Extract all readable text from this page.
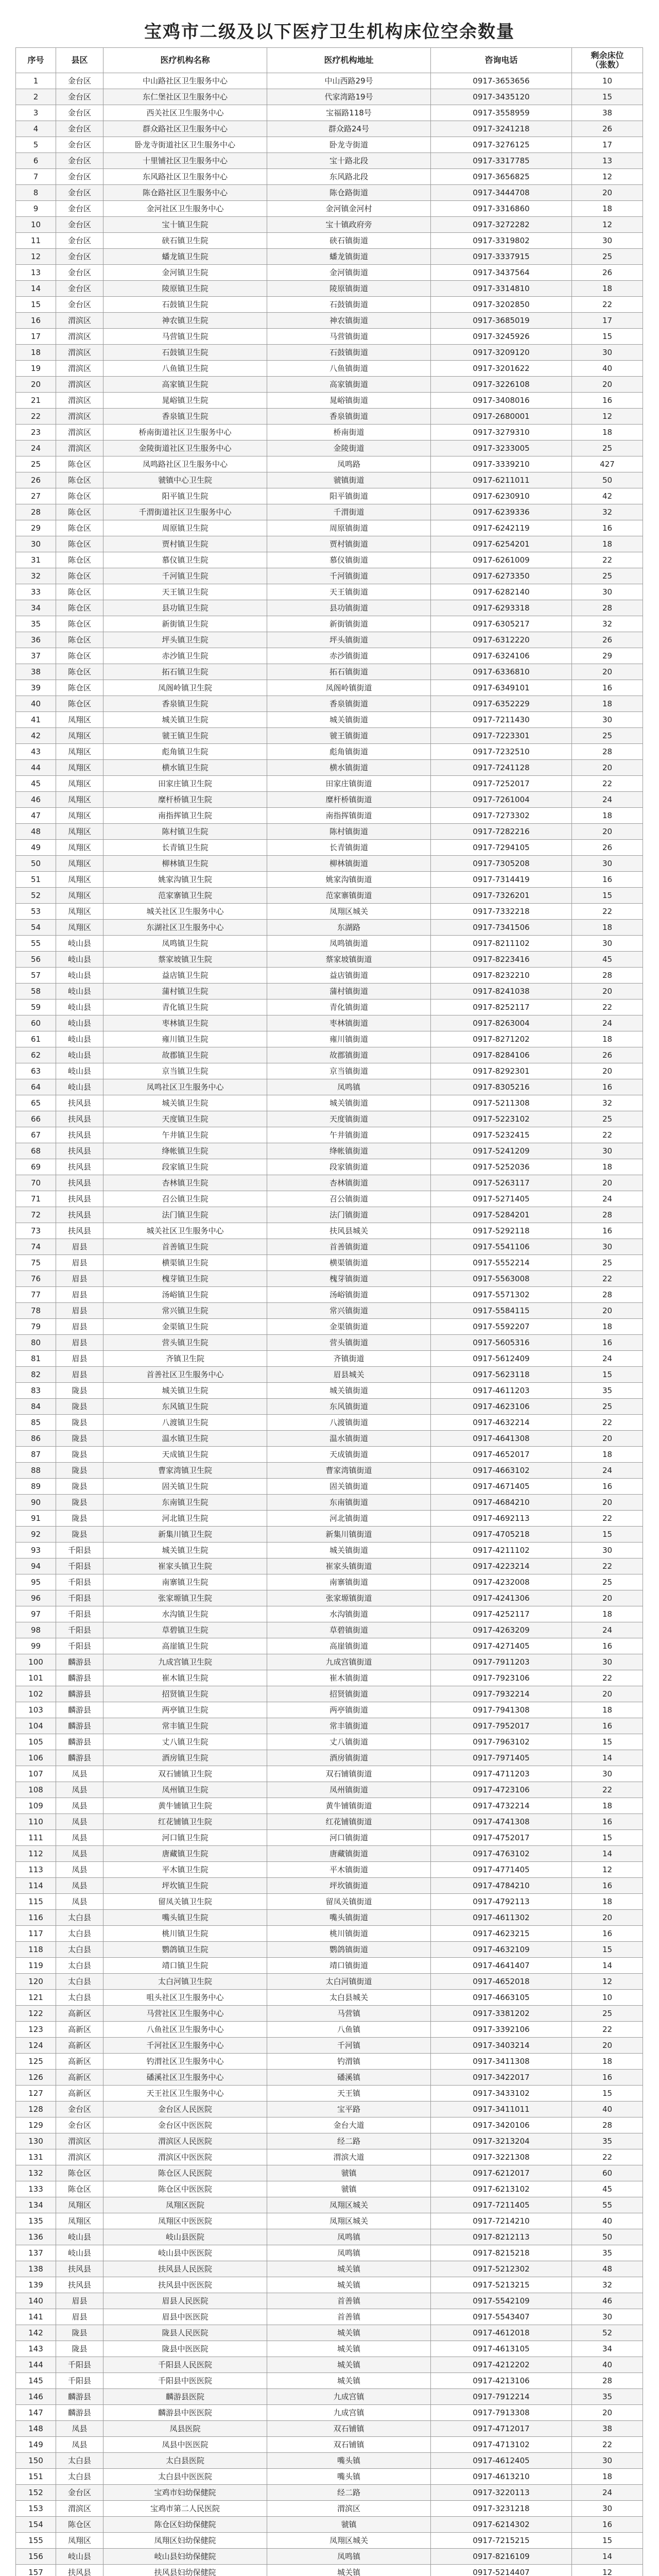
宝鸡市二级及以下医疗卫生机构床位空余数量
序号	县区	医疗机构名称	医疗机构地址	咨询电话	剩余床位
（张数）
1	金台区	中山路社区卫生服务中心	中山西路29号	0917-3653656	10
2	金台区	东仁堡社区卫生服务中心	代家湾路19号	0917-3435120	15
3	金台区	西关社区卫生服务中心	宝福路118号	0917-3558959	38
4	金台区	群众路社区卫生服务中心	群众路24号	0917-3241218	26
5	金台区	卧龙寺街道社区卫生服务中心	卧龙寺街道	0917-3276125	17
6	金台区	十里铺社区卫生服务中心	宝十路北段	0917-3317785	13
7	金台区	东风路社区卫生服务中心	东风路北段	0917-3656825	12
8	金台区	陈仓路社区卫生服务中心	陈仓路街道	0917-3444708	20
9	金台区	金河社区卫生服务中心	金河镇金河村	0917-3316860	18
10	金台区	宝十镇卫生院	宝十镇政府旁	0917-3272282	12
11	金台区	硖石镇卫生院	硖石镇街道	0917-3319802	30
12	金台区	蟠龙镇卫生院	蟠龙镇街道	0917-3337915	25
13	金台区	金河镇卫生院	金河镇街道	0917-3437564	26
14	金台区	陵原镇卫生院	陵原镇街道	0917-3314810	18
15	金台区	石鼓镇卫生院	石鼓镇街道	0917-3202850	22
16	渭滨区	神农镇卫生院	神农镇街道	0917-3685019	17
17	渭滨区	马营镇卫生院	马营镇街道	0917-3245926	15
18	渭滨区	石鼓镇卫生院	石鼓镇街道	0917-3209120	30
19	渭滨区	八鱼镇卫生院	八鱼镇街道	0917-3201622	40
20	渭滨区	高家镇卫生院	高家镇街道	0917-3226108	20
21	渭滨区	晁峪镇卫生院	晁峪镇街道	0917-3408016	16
22	渭滨区	香泉镇卫生院	香泉镇街道	0917-2680001	12
23	渭滨区	桥南街道社区卫生服务中心	桥南街道	0917-3279310	18
24	渭滨区	金陵街道社区卫生服务中心	金陵街道	0917-3233005	25
25	陈仓区	凤鸣路社区卫生服务中心	凤鸣路	0917-3339210	427
26	陈仓区	虢镇中心卫生院	虢镇街道	0917-6211011	50
27	陈仓区	阳平镇卫生院	阳平镇街道	0917-6230910	42
28	陈仓区	千渭街道社区卫生服务中心	千渭街道	0917-6239336	32
29	陈仓区	周原镇卫生院	周原镇街道	0917-6242119	16
30	陈仓区	贾村镇卫生院	贾村镇街道	0917-6254201	18
31	陈仓区	慕仪镇卫生院	慕仪镇街道	0917-6261009	22
32	陈仓区	千河镇卫生院	千河镇街道	0917-6273350	25
33	陈仓区	天王镇卫生院	天王镇街道	0917-6282140	30
34	陈仓区	县功镇卫生院	县功镇街道	0917-6293318	28
35	陈仓区	新街镇卫生院	新街镇街道	0917-6305217	32
36	陈仓区	坪头镇卫生院	坪头镇街道	0917-6312220	26
37	陈仓区	赤沙镇卫生院	赤沙镇街道	0917-6324106	29
38	陈仓区	拓石镇卫生院	拓石镇街道	0917-6336810	20
39	陈仓区	凤阁岭镇卫生院	凤阁岭镇街道	0917-6349101	16
40	陈仓区	香泉镇卫生院	香泉镇街道	0917-6352229	18
41	凤翔区	城关镇卫生院	城关镇街道	0917-7211430	30
42	凤翔区	虢王镇卫生院	虢王镇街道	0917-7223301	25
43	凤翔区	彪角镇卫生院	彪角镇街道	0917-7232510	28
44	凤翔区	横水镇卫生院	横水镇街道	0917-7241128	20
45	凤翔区	田家庄镇卫生院	田家庄镇街道	0917-7252017	22
46	凤翔区	糜杆桥镇卫生院	糜杆桥镇街道	0917-7261004	24
47	凤翔区	南指挥镇卫生院	南指挥镇街道	0917-7273302	18
48	凤翔区	陈村镇卫生院	陈村镇街道	0917-7282216	20
49	凤翔区	长青镇卫生院	长青镇街道	0917-7294105	26
50	凤翔区	柳林镇卫生院	柳林镇街道	0917-7305208	30
51	凤翔区	姚家沟镇卫生院	姚家沟镇街道	0917-7314419	16
52	凤翔区	范家寨镇卫生院	范家寨镇街道	0917-7326201	15
53	凤翔区	城关社区卫生服务中心	凤翔区城关	0917-7332218	22
54	凤翔区	东湖社区卫生服务中心	东湖路	0917-7341506	18
55	岐山县	凤鸣镇卫生院	凤鸣镇街道	0917-8211102	30
56	岐山县	蔡家坡镇卫生院	蔡家坡镇街道	0917-8223416	45
57	岐山县	益店镇卫生院	益店镇街道	0917-8232210	28
58	岐山县	蒲村镇卫生院	蒲村镇街道	0917-8241038	20
59	岐山县	青化镇卫生院	青化镇街道	0917-8252117	22
60	岐山县	枣林镇卫生院	枣林镇街道	0917-8263004	24
61	岐山县	雍川镇卫生院	雍川镇街道	0917-8271202	18
62	岐山县	故郡镇卫生院	故郡镇街道	0917-8284106	26
63	岐山县	京当镇卫生院	京当镇街道	0917-8292301	20
64	岐山县	凤鸣社区卫生服务中心	凤鸣镇	0917-8305216	16
65	扶风县	城关镇卫生院	城关镇街道	0917-5211308	32
66	扶风县	天度镇卫生院	天度镇街道	0917-5223102	25
67	扶风县	午井镇卫生院	午井镇街道	0917-5232415	22
68	扶风县	绛帐镇卫生院	绛帐镇街道	0917-5241209	30
69	扶风县	段家镇卫生院	段家镇街道	0917-5252036	18
70	扶风县	杏林镇卫生院	杏林镇街道	0917-5263117	20
71	扶风县	召公镇卫生院	召公镇街道	0917-5271405	24
72	扶风县	法门镇卫生院	法门镇街道	0917-5284201	28
73	扶风县	城关社区卫生服务中心	扶风县城关	0917-5292118	16
74	眉县	首善镇卫生院	首善镇街道	0917-5541106	30
75	眉县	横渠镇卫生院	横渠镇街道	0917-5552214	25
76	眉县	槐芽镇卫生院	槐芽镇街道	0917-5563008	22
77	眉县	汤峪镇卫生院	汤峪镇街道	0917-5571302	28
78	眉县	常兴镇卫生院	常兴镇街道	0917-5584115	20
79	眉县	金渠镇卫生院	金渠镇街道	0917-5592207	18
80	眉县	营头镇卫生院	营头镇街道	0917-5605316	16
81	眉县	齐镇卫生院	齐镇街道	0917-5612409	24
82	眉县	首善社区卫生服务中心	眉县城关	0917-5623118	15
83	陇县	城关镇卫生院	城关镇街道	0917-4611203	35
84	陇县	东风镇卫生院	东风镇街道	0917-4623106	25
85	陇县	八渡镇卫生院	八渡镇街道	0917-4632214	22
86	陇县	温水镇卫生院	温水镇街道	0917-4641308	20
87	陇县	天成镇卫生院	天成镇街道	0917-4652017	18
88	陇县	曹家湾镇卫生院	曹家湾镇街道	0917-4663102	24
89	陇县	固关镇卫生院	固关镇街道	0917-4671405	16
90	陇县	东南镇卫生院	东南镇街道	0917-4684210	20
91	陇县	河北镇卫生院	河北镇街道	0917-4692113	22
92	陇县	新集川镇卫生院	新集川镇街道	0917-4705218	15
93	千阳县	城关镇卫生院	城关镇街道	0917-4211102	30
94	千阳县	崔家头镇卫生院	崔家头镇街道	0917-4223214	22
95	千阳县	南寨镇卫生院	南寨镇街道	0917-4232008	25
96	千阳县	张家塬镇卫生院	张家塬镇街道	0917-4241306	20
97	千阳县	水沟镇卫生院	水沟镇街道	0917-4252117	18
98	千阳县	草碧镇卫生院	草碧镇街道	0917-4263209	24
99	千阳县	高崖镇卫生院	高崖镇街道	0917-4271405	16
100	麟游县	九成宫镇卫生院	九成宫镇街道	0917-7911203	30
101	麟游县	崔木镇卫生院	崔木镇街道	0917-7923106	22
102	麟游县	招贤镇卫生院	招贤镇街道	0917-7932214	20
103	麟游县	两亭镇卫生院	两亭镇街道	0917-7941308	18
104	麟游县	常丰镇卫生院	常丰镇街道	0917-7952017	16
105	麟游县	丈八镇卫生院	丈八镇街道	0917-7963102	15
106	麟游县	酒房镇卫生院	酒房镇街道	0917-7971405	14
107	凤县	双石铺镇卫生院	双石铺镇街道	0917-4711203	30
108	凤县	凤州镇卫生院	凤州镇街道	0917-4723106	22
109	凤县	黄牛铺镇卫生院	黄牛铺镇街道	0917-4732214	18
110	凤县	红花铺镇卫生院	红花铺镇街道	0917-4741308	16
111	凤县	河口镇卫生院	河口镇街道	0917-4752017	15
112	凤县	唐藏镇卫生院	唐藏镇街道	0917-4763102	14
113	凤县	平木镇卫生院	平木镇街道	0917-4771405	12
114	凤县	坪坎镇卫生院	坪坎镇街道	0917-4784210	16
115	凤县	留凤关镇卫生院	留凤关镇街道	0917-4792113	18
116	太白县	嘴头镇卫生院	嘴头镇街道	0917-4611302	20
117	太白县	桃川镇卫生院	桃川镇街道	0917-4623215	16
118	太白县	鹦鸽镇卫生院	鹦鸽镇街道	0917-4632109	15
119	太白县	靖口镇卫生院	靖口镇街道	0917-4641407	14
120	太白县	太白河镇卫生院	太白河镇街道	0917-4652018	12
121	太白县	咀头社区卫生服务中心	太白县城关	0917-4663105	10
122	高新区	马营社区卫生服务中心	马营镇	0917-3381202	25
123	高新区	八鱼社区卫生服务中心	八鱼镇	0917-3392106	22
124	高新区	千河社区卫生服务中心	千河镇	0917-3403214	20
125	高新区	钓渭社区卫生服务中心	钓渭镇	0917-3411308	18
126	高新区	磻溪社区卫生服务中心	磻溪镇	0917-3422017	16
127	高新区	天王社区卫生服务中心	天王镇	0917-3433102	15
128	金台区	金台区人民医院	宝平路	0917-3411011	40
129	金台区	金台区中医医院	金台大道	0917-3420106	28
130	渭滨区	渭滨区人民医院	经二路	0917-3213204	35
131	渭滨区	渭滨区中医医院	渭滨大道	0917-3221308	22
132	陈仓区	陈仓区人民医院	虢镇	0917-6212017	60
133	陈仓区	陈仓区中医医院	虢镇	0917-6213102	45
134	凤翔区	凤翔区医院	凤翔区城关	0917-7211405	55
135	凤翔区	凤翔区中医医院	凤翔区城关	0917-7214210	40
136	岐山县	岐山县医院	凤鸣镇	0917-8212113	50
137	岐山县	岐山县中医医院	凤鸣镇	0917-8215218	35
138	扶风县	扶风县人民医院	城关镇	0917-5212302	48
139	扶风县	扶风县中医医院	城关镇	0917-5213215	32
140	眉县	眉县人民医院	首善镇	0917-5542109	46
141	眉县	眉县中医医院	首善镇	0917-5543407	30
142	陇县	陇县人民医院	城关镇	0917-4612018	52
143	陇县	陇县中医医院	城关镇	0917-4613105	34
144	千阳县	千阳县人民医院	城关镇	0917-4212202	40
145	千阳县	千阳县中医医院	城关镇	0917-4213106	28
146	麟游县	麟游县医院	九成宫镇	0917-7912214	35
147	麟游县	麟游县中医医院	九成宫镇	0917-7913308	20
148	凤县	凤县医院	双石铺镇	0917-4712017	38
149	凤县	凤县中医医院	双石铺镇	0917-4713102	22
150	太白县	太白县医院	嘴头镇	0917-4612405	30
151	太白县	太白县中医医院	嘴头镇	0917-4613210	18
152	金台区	宝鸡市妇幼保健院	经二路	0917-3220113	24
153	渭滨区	宝鸡市第二人民医院	渭滨区	0917-3231218	30
154	陈仓区	陈仓区妇幼保健院	虢镇	0917-6214302	16
155	凤翔区	凤翔区妇幼保健院	凤翔区城关	0917-7215215	15
156	岐山县	岐山县妇幼保健院	凤鸣镇	0917-8216109	14
157	扶风县	扶风县妇幼保健院	城关镇	0917-5214407	12
